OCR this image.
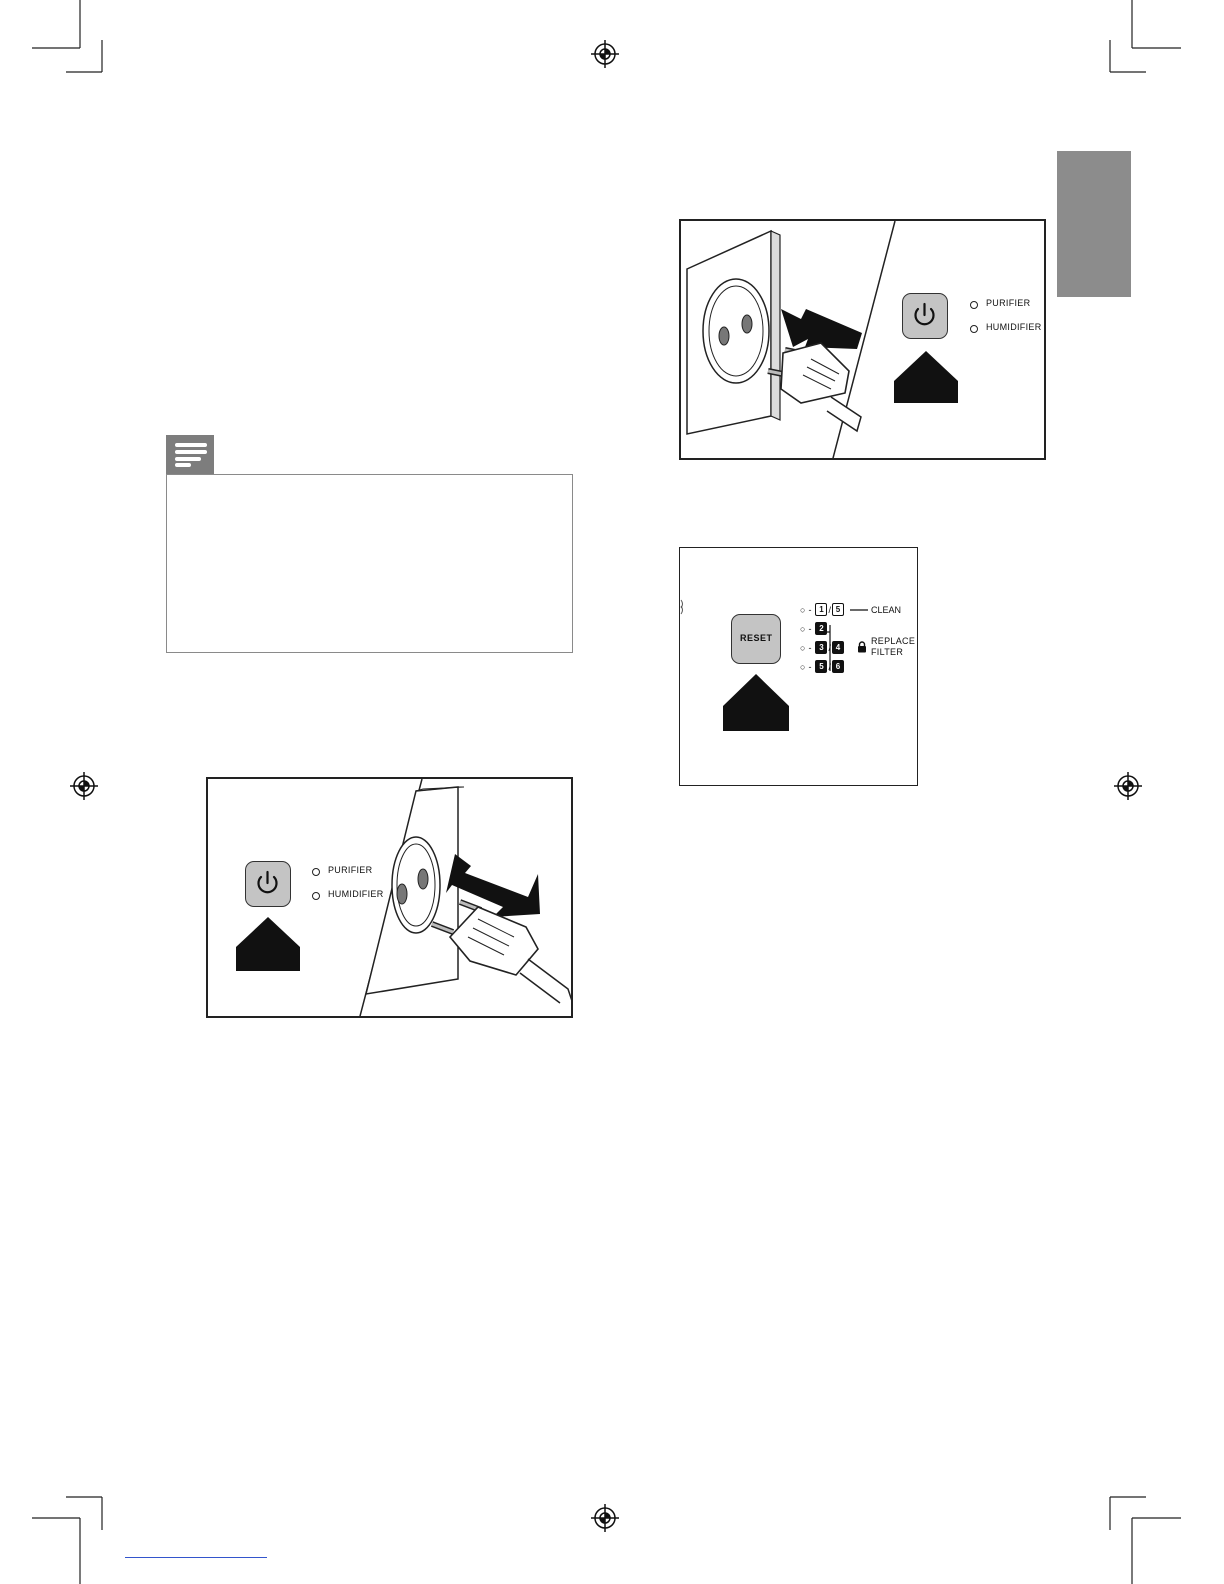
PURIFIER
HUMIDIFIER
RESET
○ - 1 / 5	CLEAN
○ - 2
○ - 3 / 4
○ - 5 / 6
REPLACE
FILTER
PURIFIER
HUMIDIFIER
